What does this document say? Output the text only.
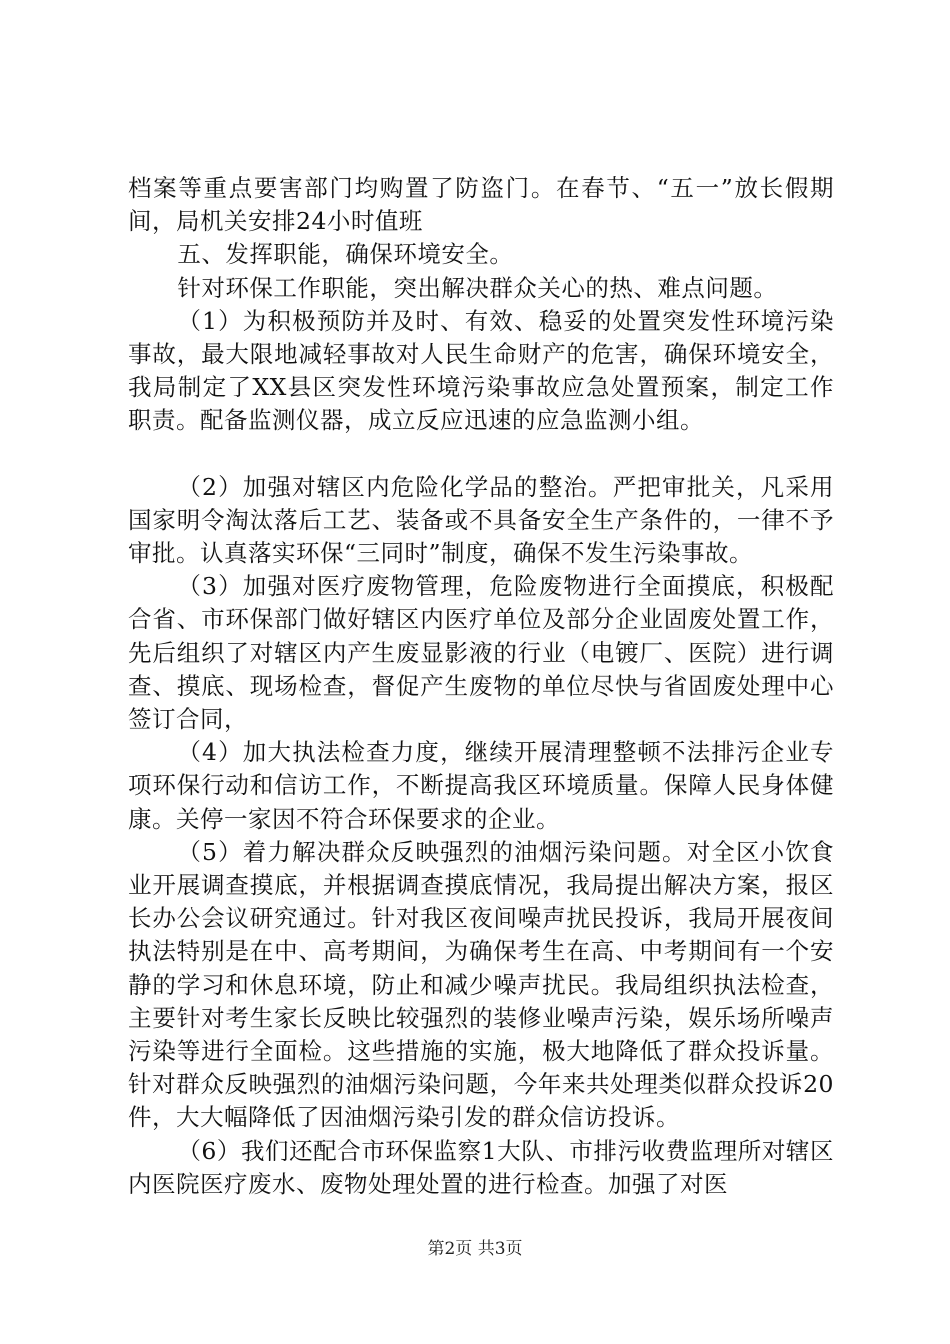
档案等重点要害部门均购置了防盗门。在春节、“五一”放长假期间，局机关安排24小时值班

五、发挥职能，确保环境安全。

针对环保工作职能，突出解决群众关心的热、难点问题。

（1）为积极预防并及时、有效、稳妥的处置突发性环境污染事故，最大限地减轻事故对人民生命财产的危害，确保环境安全，我局制定了XX县区突发性环境污染事故应急处置预案，制定工作职责。配备监测仪器，成立反应迅速的应急监测小组。

（2）加强对辖区内危险化学品的整治。严把审批关，凡采用国家明令淘汰落后工艺、装备或不具备安全生产条件的，一律不予审批。认真落实环保“三同时”制度，确保不发生污染事故。

（3）加强对医疗废物管理，危险废物进行全面摸底，积极配合省、市环保部门做好辖区内医疗单位及部分企业固废处置工作，先后组织了对辖区内产生废显影液的行业（电镀厂、医院）进行调查、摸底、现场检查，督促产生废物的单位尽快与省固废处理中心签订合同，

（4）加大执法检查力度，继续开展清理整顿不法排污企业专项环保行动和信访工作，不断提高我区环境质量。保障人民身体健康。关停一家因不符合环保要求的企业。

（5）着力解决群众反映强烈的油烟污染问题。对全区小饮食业开展调查摸底，并根据调查摸底情况，我局提出解决方案，报区长办公会议研究通过。针对我区夜间噪声扰民投诉，我局开展夜间执法特别是在中、高考期间，为确保考生在高、中考期间有一个安静的学习和休息环境，防止和减少噪声扰民。我局组织执法检查，主要针对考生家长反映比较强烈的装修业噪声污染，娱乐场所噪声污染等进行全面检。这些措施的实施，极大地降低了群众投诉量。针对群众反映强烈的油烟污染问题，今年来共处理类似群众投诉20件，大大幅降低了因油烟污染引发的群众信访投诉。

（6）我们还配合市环保监察1大队、市排污收费监理所对辖区内医院医疗废水、废物处理处置的进行检查。加强了对医

第2页 共3页
